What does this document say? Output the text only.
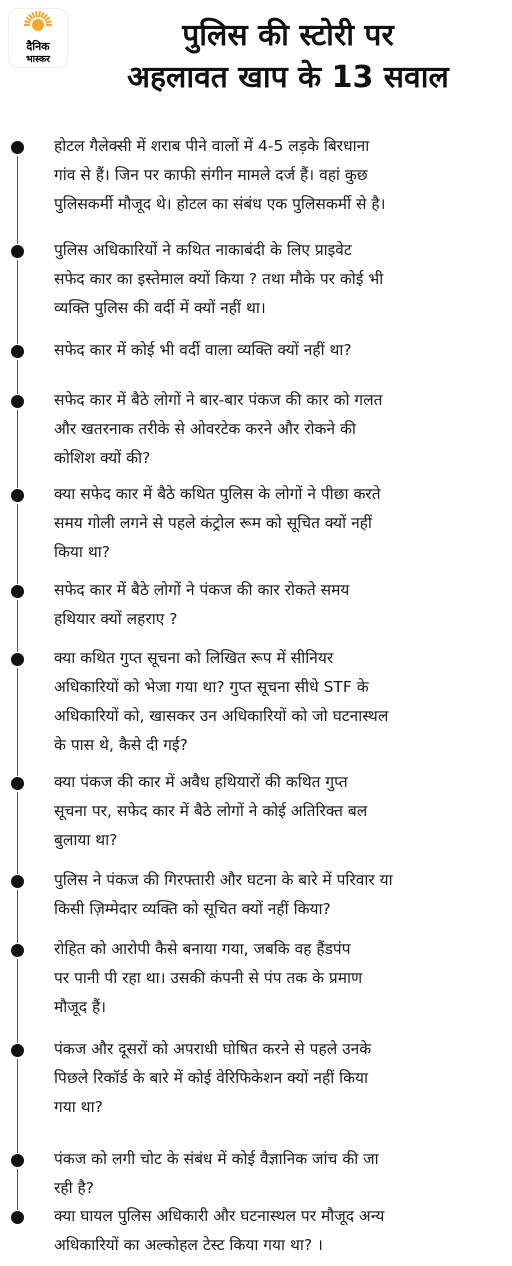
दैनिक
भास्कर
पुलिस की स्टोरी पर
अहलावत खाप के 13 सवाल
होटल गैलेक्सी में शराब पीने वालों में 4-5 लड़के बिरधाना
गांव से हैं। जिन पर काफी संगीन मामले दर्ज हैं। वहां कुछ
पुलिसकर्मी मौजूद थे। होटल का संबंध एक पुलिसकर्मी से है।
पुलिस अधिकारियों ने कथित नाकाबंदी के लिए प्राइवेट
सफेद कार का इस्तेमाल क्यों किया ? तथा मौके पर कोई भी
व्यक्ति पुलिस की वर्दी में क्यों नहीं था।
सफेद कार में कोई भी वर्दी वाला व्यक्ति क्यों नहीं था?
सफेद कार में बैठे लोगों ने बार-बार पंकज की कार को गलत
और खतरनाक तरीके से ओवरटेक करने और रोकने की
कोशिश क्यों की?
क्या सफेद कार में बैठे कथित पुलिस के लोगों ने पीछा करते
समय गोली लगने से पहले कंट्रोल रूम को सूचित क्यों नहीं
किया था?
सफेद कार में बैठे लोगों ने पंकज की कार रोकते समय
हथियार क्यों लहराए ?
क्या कथित गुप्त सूचना को लिखित रूप में सीनियर
अधिकारियों को भेजा गया था? गुप्त सूचना सीधे STF के
अधिकारियों को, खासकर उन अधिकारियों को जो घटनास्थल
के पास थे, कैसे दी गई?
क्या पंकज की कार में अवैध हथियारों की कथित गुप्त
सूचना पर, सफेद कार में बैठे लोगों ने कोई अतिरिक्त बल
बुलाया था?
पुलिस ने पंकज की गिरफ्तारी और घटना के बारे में परिवार या
किसी ज़िम्मेदार व्यक्ति को सूचित क्यों नहीं किया?
रोहित को आरोपी कैसे बनाया गया, जबकि वह हैंडपंप
पर पानी पी रहा था। उसकी कंपनी से पंप तक के प्रमाण
मौजूद हैं।
पंकज और दूसरों को अपराधी घोषित करने से पहले उनके
पिछले रिकॉर्ड के बारे में कोई वेरिफिकेशन क्यों नहीं किया
गया था?
पंकज को लगी चोट के संबंध में कोई वैज्ञानिक जांच की जा
रही है?
क्या घायल पुलिस अधिकारी और घटनास्थल पर मौजूद अन्य
अधिकारियों का अल्कोहल टेस्ट किया गया था? ।
